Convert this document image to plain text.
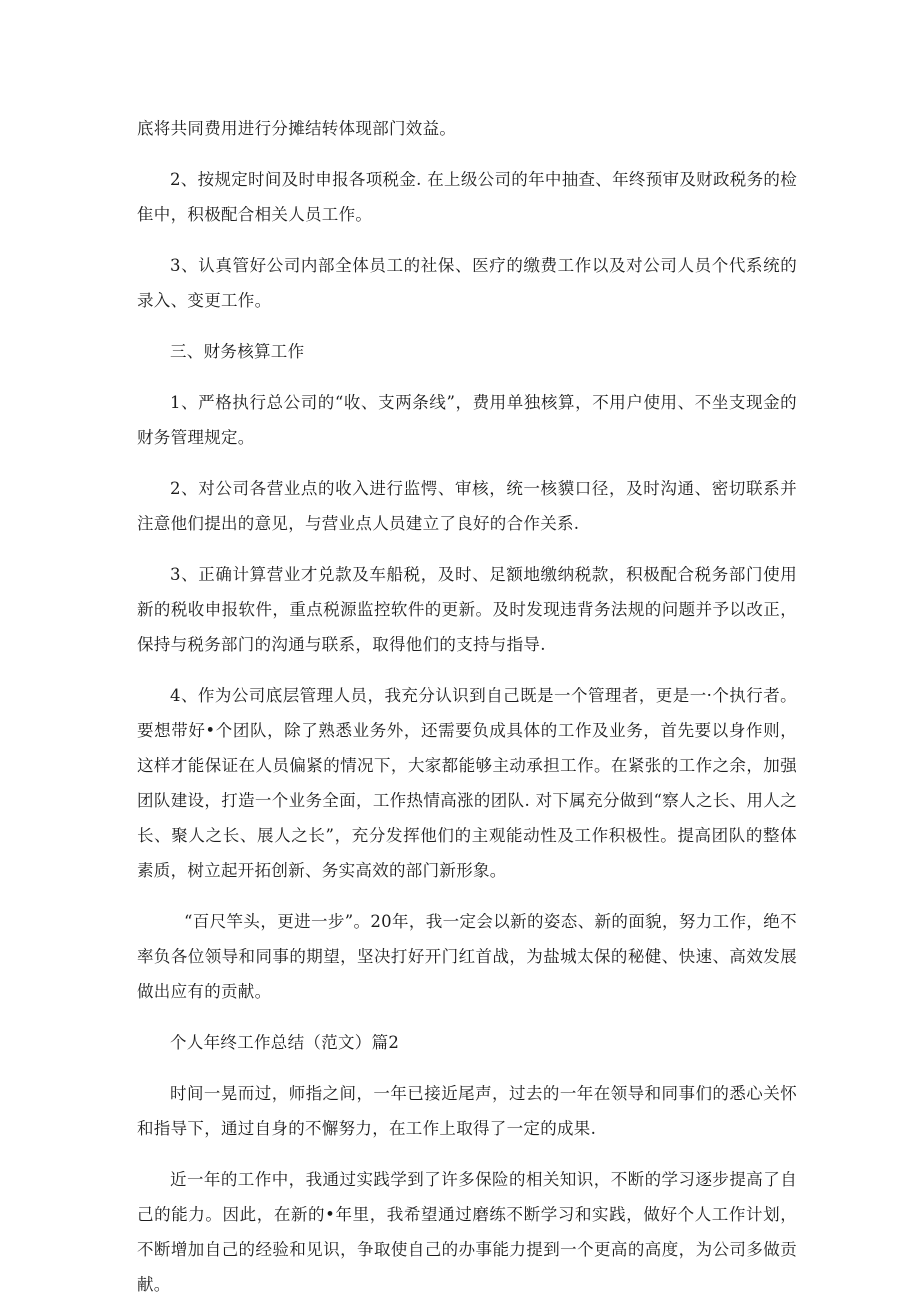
底将共同费用进行分摊结转体现部门效益。

2、按规定时间及时申报各项税金. 在上级公司的年中抽查、年终预审及财政税务的检隹中，积极配合相关人员工作。

3、认真管好公司内部全体员工的社保、医疗的缴费工作以及对公司人员个代系统的录入、变更工作。

三、财务核算工作

1、严格执行总公司的“收、支两条线”，费用单独核算，不用户使用、不坐支现金的财务管理规定。

2、对公司各营业点的收入进行监愕、审核，统一核貘口径，及时沟通、密切联系并注意他们提出的意见，与营业点人员建立了良好的合作关系.

3、正确计算营业才兑款及车船税，及时、足额地缴纳税款，积极配合税务部门使用新的税收申报软件，重点税源监控软件的更新。及时发现违背务法规的问题并予以改正，保持与税务部门的沟通与联系，取得他们的支持与指导.

4、作为公司底层管理人员，我充分认识到自己既是一个管理者，更是一·个执行者。要想带好•个团队，除了熟悉业务外，还需要负成具体的工作及业务，首先要以身作则，这样才能保证在人员偏紧的情况下，大家都能够主动承担工作。在紧张的工作之余，加强团队建设，打造一个业务全面，工作热情高涨的团队. 对下属充分做到“察人之长、用人之长、聚人之长、展人之长”，充分发挥他们的主观能动性及工作积极性。提高团队的整体素质，树立起开拓创新、务实高效的部门新形象。

“百尺竿头，更进一步”。20年，我一定会以新的姿态、新的面貌，努力工作，绝不率负各位领导和同事的期望，坚决打好开门红首战，为盐城太保的秘健、快速、高效发展做出应有的贡献。

个人年终工作总结（范文）篇2

时间一晃而过，师指之间，一年已接近尾声，过去的一年在领导和同事们的悉心关怀和指导下，通过自身的不懈努力，在工作上取得了一定的成果.

近一年的工作中，我通过实践学到了许多保险的相关知识，不断的学习逐步提高了自己的能力。因此，在新的•年里，我希望通过磨练不断学习和实践，做好个人工作计划，不断增加自己的经验和见识，争取使自己的办事能力提到一个更高的高度，为公司多做贡献。
